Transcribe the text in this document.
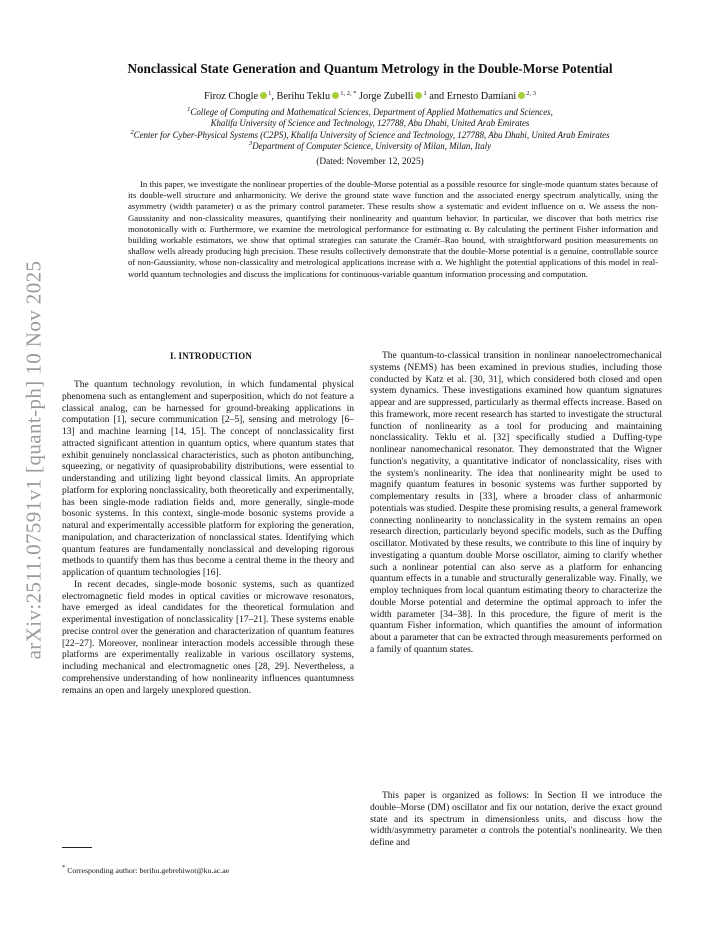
arXiv:2511.07591v1 [quant-ph] 10 Nov 2025
Nonclassical State Generation and Quantum Metrology in the Double-Morse Potential
Firoz Chogle $^1$, Berihu Teklu $^{1, 2, *}$ Jorge Zubelli $^1$ and Ernesto Damiani $^{2, 3}$
$^1$College of Computing and Mathematical Sciences, Department of Applied Mathematics and Sciences,
Khalifa University of Science and Technology, 127788, Abu Dhabi, United Arab Emirates
$^2$Center for Cyber-Physical Systems (C2PS), Khalifa University of Science and Technology, 127788, Abu Dhabi, United Arab Emirates
$^3$Department of Computer Science, University of Milan, Milan, Italy
(Dated: November 12, 2025)
In this paper, we investigate the nonlinear properties of the double-Morse potential as a possible resource for single-mode quantum states because of its double-well structure and anharmonicity. We derive the ground state wave function and the associated energy spectrum analytically, using the asymmetry (width parameter) α as the primary control parameter. These results show a systematic and evident influence on α. We assess the non-Gaussianity and non-classicality measures, quantifying their nonlinearity and quantum behavior. In particular, we discover that both metrics rise monotonically with α. Furthermore, we examine the metrological performance for estimating α. By calculating the pertinent Fisher information and building workable estimators, we show that optimal strategies can saturate the Cramér–Rao bound, with straightforward position measurements on shallow wells already producing high precision. These results collectively demonstrate that the double-Morse potential is a genuine, controllable source of non-Gaussianity, whose non-classicality and metrological applications increase with α. We highlight the potential applications of this model in real-world quantum technologies and discuss the implications for continuous-variable quantum information processing and computation.
I. INTRODUCTION

The quantum technology revolution, in which fundamental physical phenomena such as entanglement and superposition, which do not feature a classical analog, can be harnessed for ground-breaking applications in computation [1], secure communication [2–5], sensing and metrology [6–13] and machine learning [14, 15]. The concept of nonclassicality first attracted significant attention in quantum optics, where quantum states that exhibit genuinely nonclassical characteristics, such as photon antibunching, squeezing, or negativity of quasiprobability distributions, were essential to understanding and utilizing light beyond classical limits. An appropriate platform for exploring nonclassicality, both theoretically and experimentally, has been single-mode radiation fields and, more generally, single-mode bosonic systems. In this context, single-mode bosonic systems provide a natural and experimentally accessible platform for exploring the generation, manipulation, and characterization of nonclassical states. Identifying which quantum features are fundamentally nonclassical and developing rigorous methods to quantify them has thus become a central theme in the theory and application of quantum technologies [16].

In recent decades, single-mode bosonic systems, such as quantized electromagnetic field modes in optical cavities or microwave resonators, have emerged as ideal candidates for the theoretical formulation and experimental investigation of nonclassicality [17–21]. These systems enable precise control over the generation and characterization of quantum features [22–27]. Moreover, nonlinear interaction models accessible through these platforms are experimentally realizable in various oscillatory systems, including mechanical and electromagnetic ones [28, 29]. Nevertheless, a comprehensive understanding of how nonlinearity influences quantumness remains an open and largely unexplored question.

The quantum-to-classical transition in nonlinear nanoelectromechanical systems (NEMS) has been examined in previous studies, including those conducted by Katz et al. [30, 31], which considered both closed and open system dynamics. These investigations examined how quantum signatures appear and are suppressed, particularly as thermal effects increase. Based on this framework, more recent research has started to investigate the structural function of nonlinearity as a tool for producing and maintaining nonclassicality. Teklu et al. [32] specifically studied a Duffing-type nonlinear nanomechanical resonator. They demonstrated that the Wigner function's negativity, a quantitative indicator of nonclassicality, rises with the system's nonlinearity. The idea that nonlinearity might be used to magnify quantum features in bosonic systems was further supported by complementary results in [33], where a broader class of anharmonic potentials was studied. Despite these promising results, a general framework connecting nonlinearity to nonclassicality in the system remains an open research direction, particularly beyond specific models, such as the Duffing oscillator. Motivated by these results, we contribute to this line of inquiry by investigating a quantum double Morse oscillator, aiming to clarify whether such a nonlinear potential can also serve as a platform for enhancing quantum effects in a tunable and structurally generalizable way. Finally, we employ techniques from local quantum estimating theory to characterize the double Morse potential and determine the optimal approach to infer the width parameter [34–38]. In this procedure, the figure of merit is the quantum Fisher information, which quantifies the amount of information about a parameter that can be extracted through measurements performed on a family of quantum states.

This paper is organized as follows: In Section II we introduce the double–Morse (DM) oscillator and fix our notation, derive the exact ground state and its spectrum in dimensionless units, and discuss how the width/asymmetry parameter α controls the potential's nonlinearity. We then define and

* Corresponding author: berihu.gebrehiwot@ku.ac.ae
